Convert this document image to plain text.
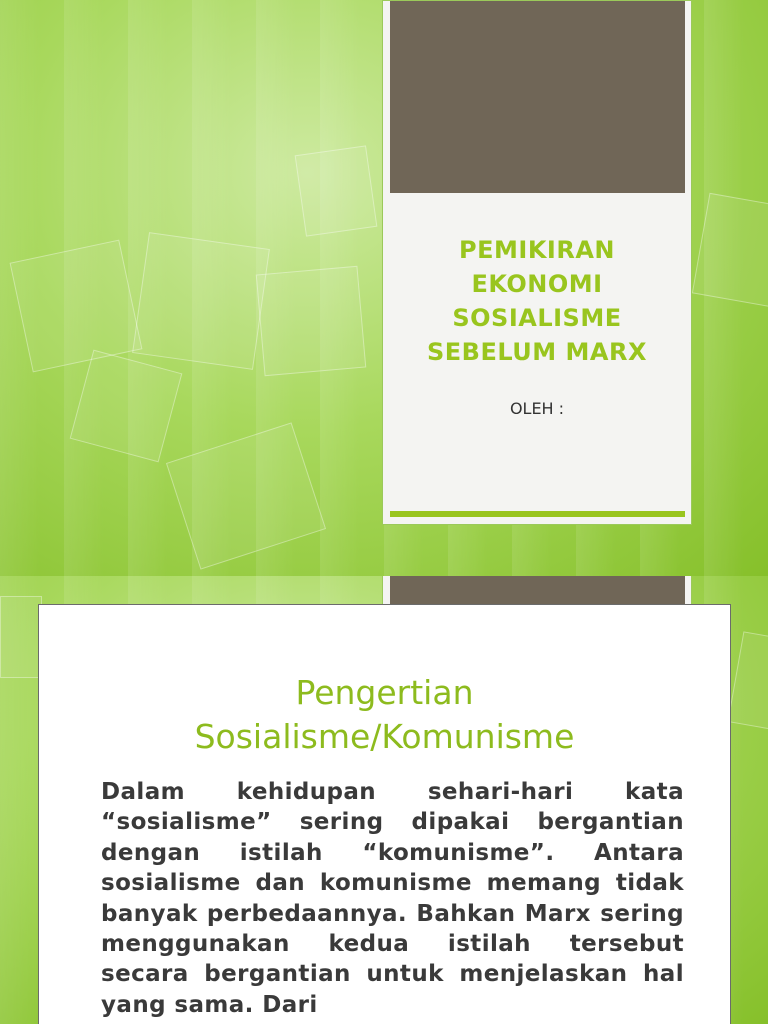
PEMIKIRAN
EKONOMI
SOSIALISME
SEBELUM MARX
OLEH :
Pengertian
Sosialisme/Komunisme
Dalam kehidupan sehari-hari kata “sosialisme” sering dipakai bergantian dengan istilah “komunisme”. Antara sosialisme dan komunisme memang tidak banyak perbedaannya. Bahkan Marx sering menggunakan kedua istilah tersebut secara bergantian untuk menjelaskan hal yang sama. Dari
